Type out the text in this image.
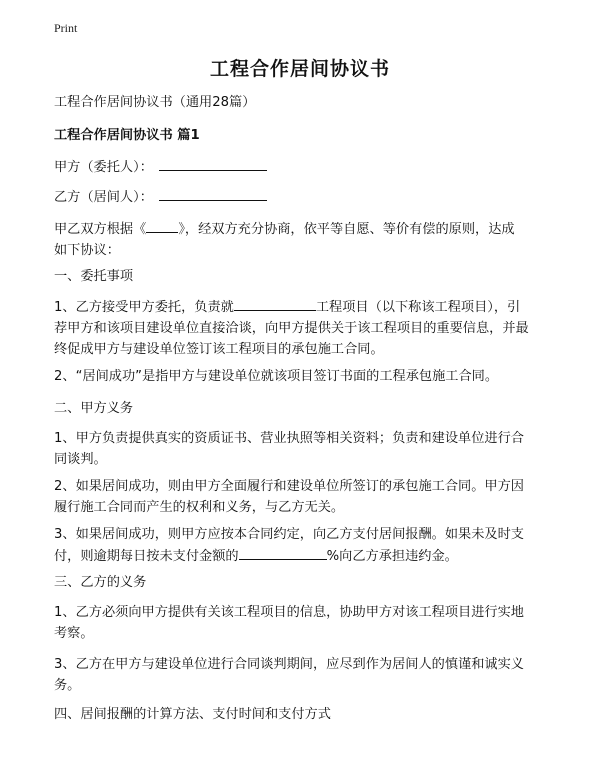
Print
工程合作居间协议书
工程合作居间协议书（通用28篇）
工程合作居间协议书 篇1
甲方（委托人）：
乙方（居间人）：
甲乙双方根据《 》，经双方充分协商，依平等自愿、等价有偿的原则，达成
如下协议：
一、委托事项
1、乙方接受甲方委托，负责就	工程项目（以下称该工程项目），引
荐甲方和该项目建设单位直接洽谈，向甲方提供关于该工程项目的重要信息，并最
终促成甲方与建设单位签订该工程项目的承包施工合同。
2、“居间成功”是指甲方与建设单位就该项目签订书面的工程承包施工合同。
二、甲方义务
1、甲方负责提供真实的资质证书、营业执照等相关资料；负责和建设单位进行合
同谈判。
2、如果居间成功，则由甲方全面履行和建设单位所签订的承包施工合同。甲方因
履行施工合同而产生的权利和义务，与乙方无关。
3、如果居间成功，则甲方应按本合同约定，向乙方支付居间报酬。如果未及时支
付，则逾期每日按未支付金额的	%向乙方承担违约金。
三、乙方的义务
1、乙方必须向甲方提供有关该工程项目的信息，协助甲方对该工程项目进行实地
考察。
3、乙方在甲方与建设单位进行合同谈判期间，应尽到作为居间人的慎谨和诚实义
务。
四、居间报酬的计算方法、支付时间和支付方式
